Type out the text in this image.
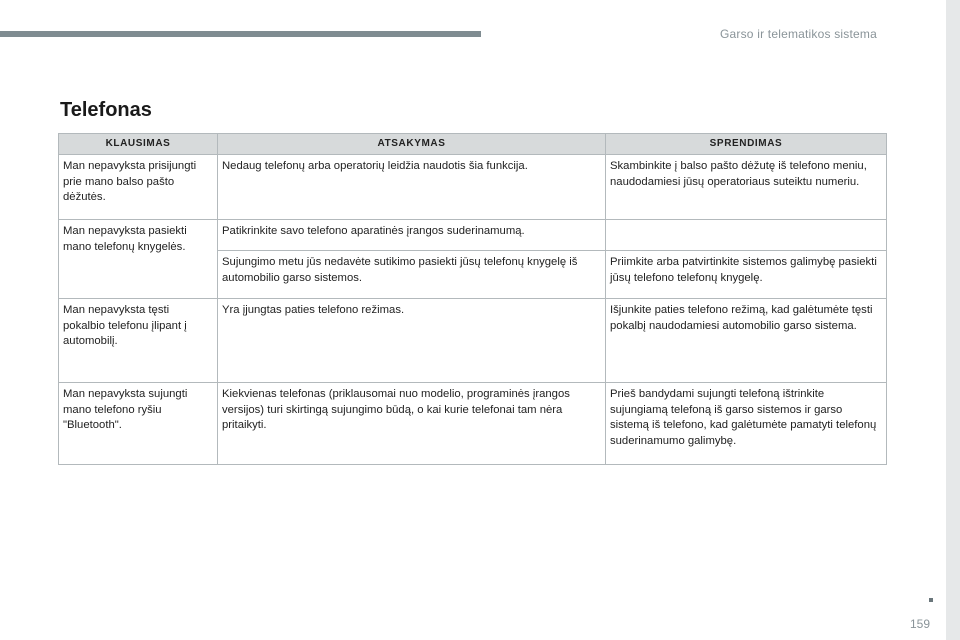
Garso ir telematikos sistema
Telefonas
KLAUSIMAS	ATSAKYMAS	SPRENDIMAS
Man nepavyksta prisijungti prie mano balso pašto dėžutės.	Nedaug telefonų arba operatorių leidžia naudotis šia funkcija.	Skambinkite į balso pašto dėžutę iš telefono meniu, naudodamiesi jūsų operatoriaus suteiktu numeriu.
Man nepavyksta pasiekti mano telefonų knygelės.	Patikrinkite savo telefono aparatinės įrangos suderinamumą.	
	Sujungimo metu jūs nedavėte sutikimo pasiekti jūsų telefonų knygelę iš automobilio garso sistemos.	Priimkite arba patvirtinkite sistemos galimybę pasiekti jūsų telefono telefonų knygelę.
Man nepavyksta tęsti pokalbio telefonu įlipant į automobilį.	Yra įjungtas paties telefono režimas.	Išjunkite paties telefono režimą, kad galėtumėte tęsti pokalbį naudodamiesi automobilio garso sistema.
Man nepavyksta sujungti mano telefono ryšiu "Bluetooth".	Kiekvienas telefonas (priklausomai nuo modelio, programinės įrangos versijos) turi skirtingą sujungimo būdą, o kai kurie telefonai tam nėra pritaikyti.	Prieš bandydami sujungti telefoną ištrinkite sujungiamą telefoną iš garso sistemos ir garso sistemą iš telefono, kad galėtumėte pamatyti telefonų suderinamumo galimybę.
159
